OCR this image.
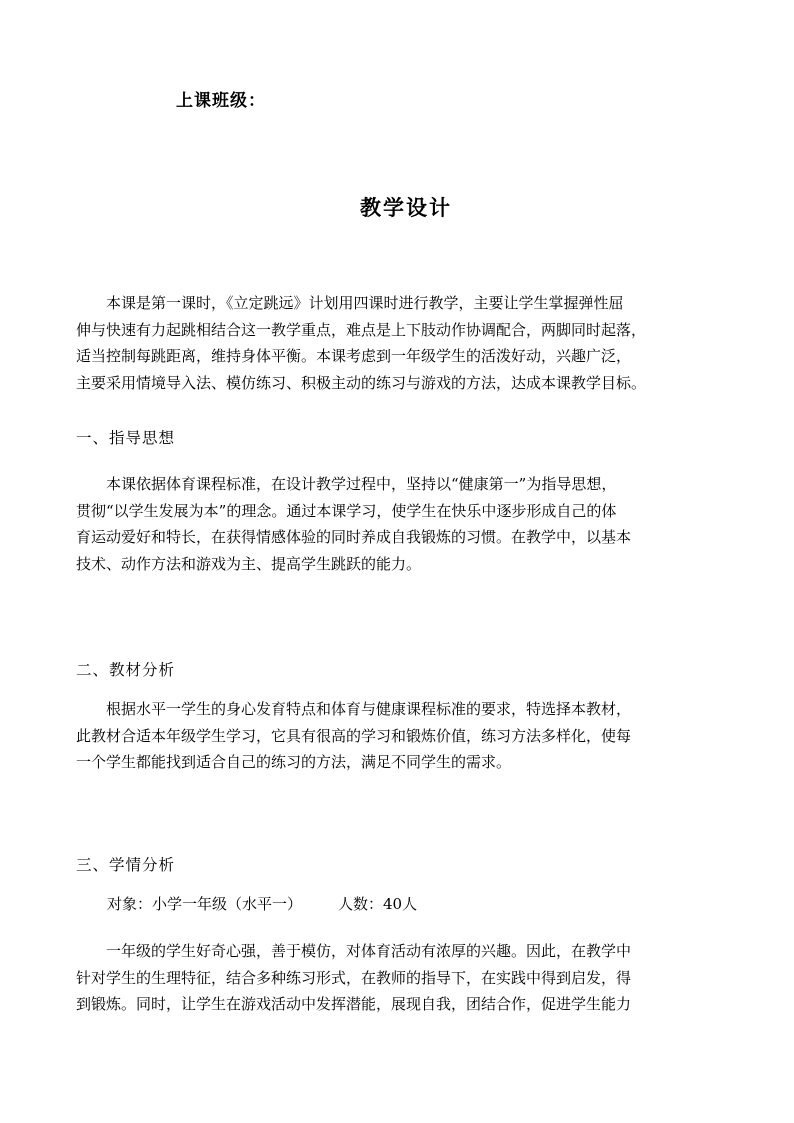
上课班级：
教学设计

　　本课是第一课时，《立定跳远》计划用四课时进行教学，主要让学生掌握弹性屈
伸与快速有力起跳相结合这一教学重点，难点是上下肢动作协调配合，两脚同时起落，
适当控制每跳距离，维持身体平衡。本课考虑到一年级学生的活泼好动，兴趣广泛，
主要采用情境导入法、模仿练习、积极主动的练习与游戏的方法，达成本课教学目标。

一、指导思想

　　本课依据体育课程标准，在设计教学过程中，坚持以“健康第一”为指导思想，
贯彻“以学生发展为本”的理念。通过本课学习，使学生在快乐中逐步形成自己的体
育运动爱好和特长，在获得情感体验的同时养成自我锻炼的习惯。在教学中，以基本
技术、动作方法和游戏为主、提高学生跳跃的能力。

二、教材分析

　　根据水平一学生的身心发育特点和体育与健康课程标准的要求，特选择本教材，
此教材合适本年级学生学习，它具有很高的学习和锻炼价值，练习方法多样化，使每
一个学生都能找到适合自己的练习的方法，满足不同学生的需求。

三、学情分析
对象：小学一年级（水平一） 人数：40人

　　一年级的学生好奇心强，善于模仿，对体育活动有浓厚的兴趣。因此，在教学中
针对学生的生理特征，结合多种练习形式，在教师的指导下，在实践中得到启发，得
到锻炼。同时，让学生在游戏活动中发挥潜能，展现自我，团结合作，促进学生能力
